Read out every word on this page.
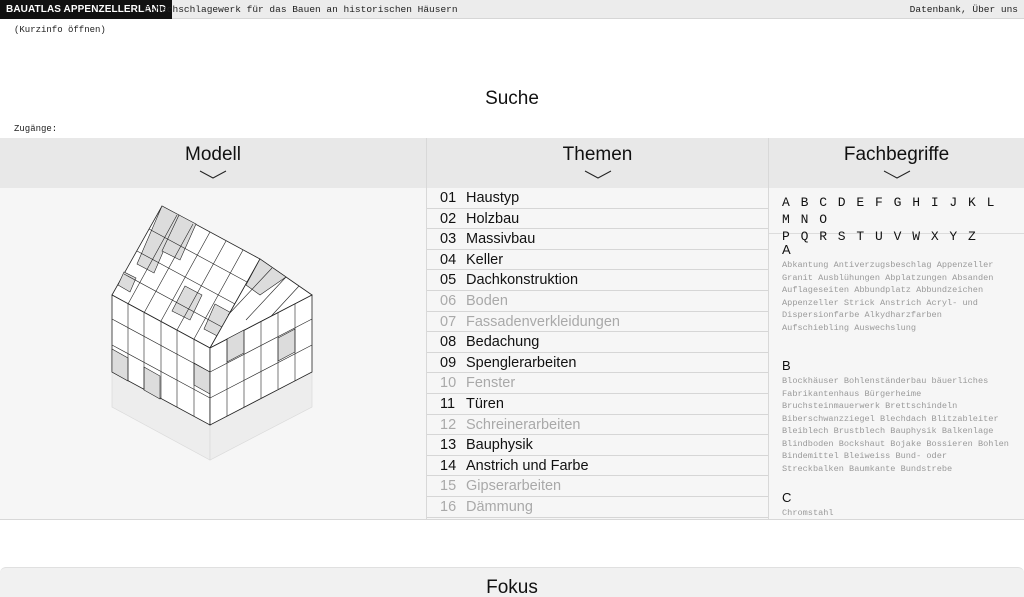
BAUATLAS APPENZELLERLAND
E-Nachschlagewerk für das Bauen an historischen Häusern	Datenbank, Über uns
(Kurzinfo öffnen)
Suche
Zugänge:
Modell	Themen	Fachbegriffe
01 Haustyp
02 Holzbau
03 Massivbau
04 Keller
05 Dachkonstruktion
06 Boden
07 Fassadenverkleidungen
08 Bedachung
09 Spenglerarbeiten
10 Fenster
11 Türen
12 Schreinerarbeiten
13 Bauphysik
14 Anstrich und Farbe
15 Gipserarbeiten
16 Dämmung
A B C D E F G H I J K L M N O
P Q R S T U V W X Y Z
A
Abkantung Antiverzugsbeschlag Appenzeller Granit Ausblühungen Abplatzungen Absanden Auflageseiten Abbundplatz Abbundzeichen Appenzeller Strick Anstrich Acryl- und Dispersionfarbe Alkydharzfarben Aufschiebling Auswechslung
B
Blockhäuser Bohlenständerbau bäuerliches Fabrikantenhaus Bürgerheime Bruchsteinmauerwerk Brettschindeln Biberschwanzziegel Blechdach Blitzableiter Bleiblech Brustblech Bauphysik Balkenlage Blindboden Bockshaut Bojake Bossieren Bohlen Bindemittel Bleiweiss Bund- oder Streckbalken Baumkante Bundstrebe
C
Chromstahl
Fokus
